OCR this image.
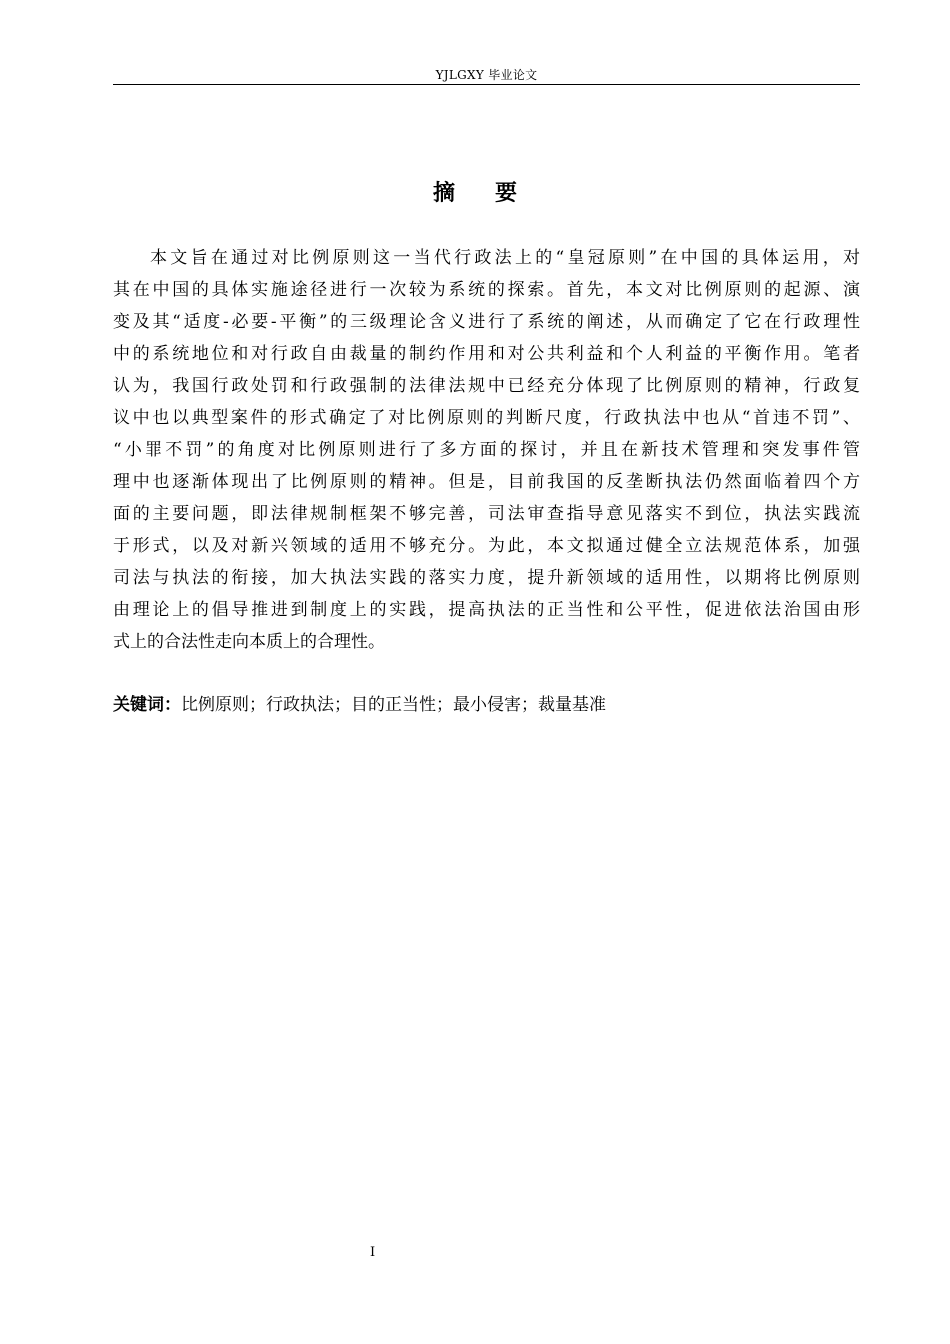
YJLGXY 毕业论文
摘 要
本文旨在通过对比例原则这一当代行政法上的“皇冠原则”在中国的具体运用，对
其在中国的具体实施途径进行一次较为系统的探索。首先，本文对比例原则的起源、演
变及其“适度-必要-平衡”的三级理论含义进行了系统的阐述，从而确定了它在行政理性
中的系统地位和对行政自由裁量的制约作用和对公共利益和个人利益的平衡作用。笔者
认为，我国行政处罚和行政强制的法律法规中已经充分体现了比例原则的精神，行政复
议中也以典型案件的形式确定了对比例原则的判断尺度，行政执法中也从“首违不罚”、
“小罪不罚”的角度对比例原则进行了多方面的探讨，并且在新技术管理和突发事件管
理中也逐渐体现出了比例原则的精神。但是，目前我国的反垄断执法仍然面临着四个方
面的主要问题，即法律规制框架不够完善，司法审查指导意见落实不到位，执法实践流
于形式，以及对新兴领域的适用不够充分。为此，本文拟通过健全立法规范体系，加强
司法与执法的衔接，加大执法实践的落实力度，提升新领域的适用性，以期将比例原则
由理论上的倡导推进到制度上的实践，提高执法的正当性和公平性，促进依法治国由形
式上的合法性走向本质上的合理性。
关键词：比例原则；行政执法；目的正当性；最小侵害；裁量基准
I
